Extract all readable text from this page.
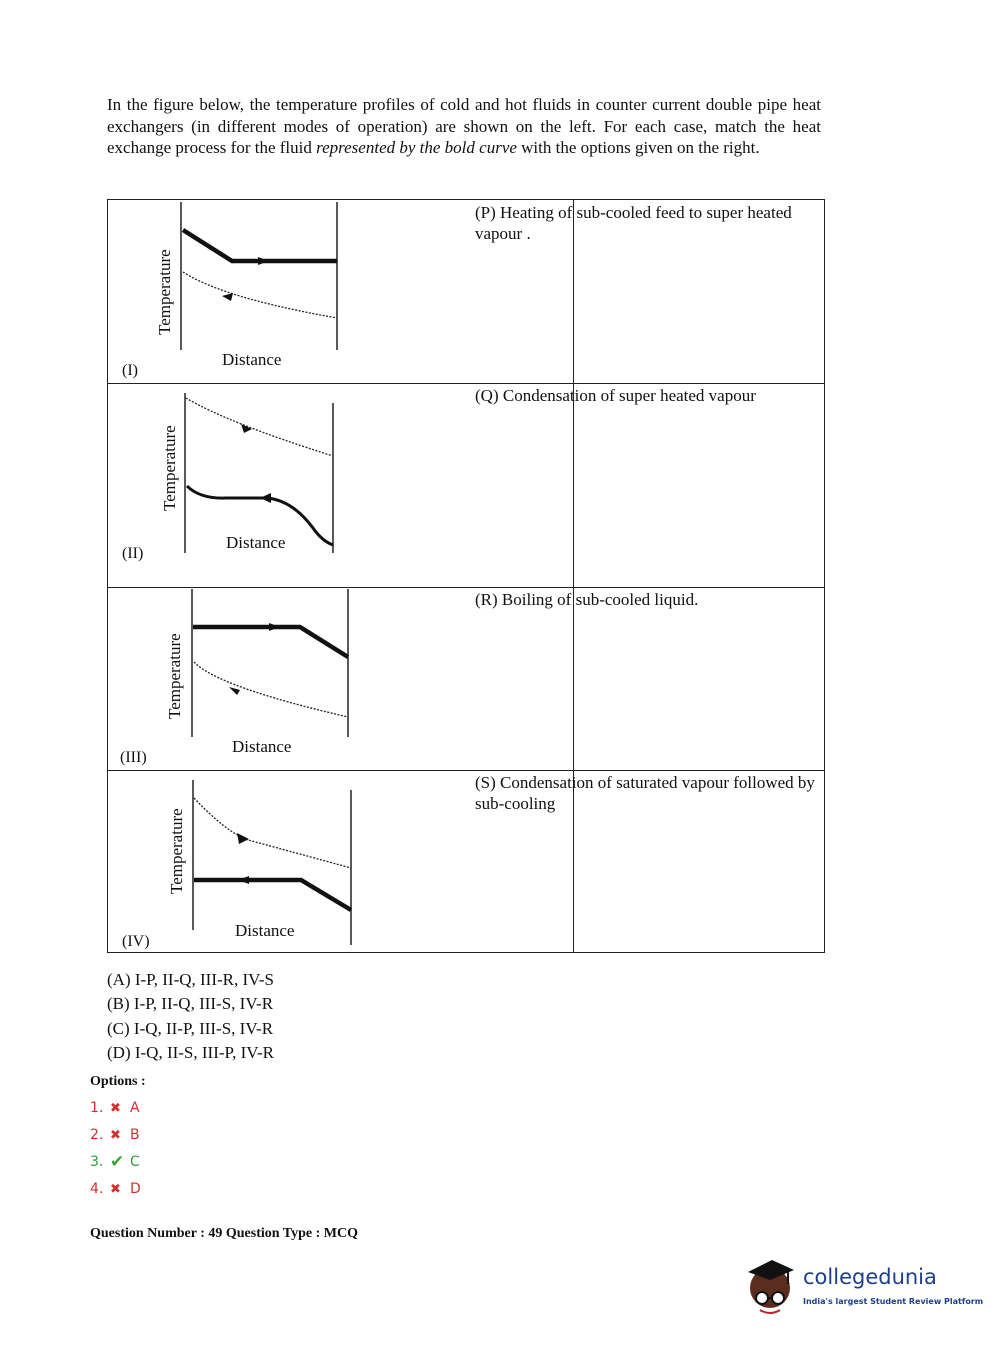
In the figure below, the temperature profiles of cold and hot fluids in counter current double pipe heat exchangers (in different modes of operation) are shown on the left. For each case, match the heat exchange process for the fluid represented by the bold curve with the options given on the right.
Temperature
Distance
(I)
(P) Heating of sub-cooled feed to super heated vapour .
Temperature
Distance
(II)
(Q) Condensation of super heated vapour
Temperature
Distance
(III)
(R) Boiling of sub-cooled liquid.
Temperature
Distance
(IV)
(S) Condensation of saturated vapour followed by sub-cooling
(A) I-P, II-Q, III-R, IV-S
(B) I-P, II-Q, III-S, IV-R
(C) I-Q, II-P, III-S, IV-R
(D) I-Q, II-S, III-P, IV-R
Options :
1. ✖ A
2. ✖ B
3. ✔ C
4. ✖ D
Question Number : 49 Question Type : MCQ
collegedunia
India's largest Student Review Platform
